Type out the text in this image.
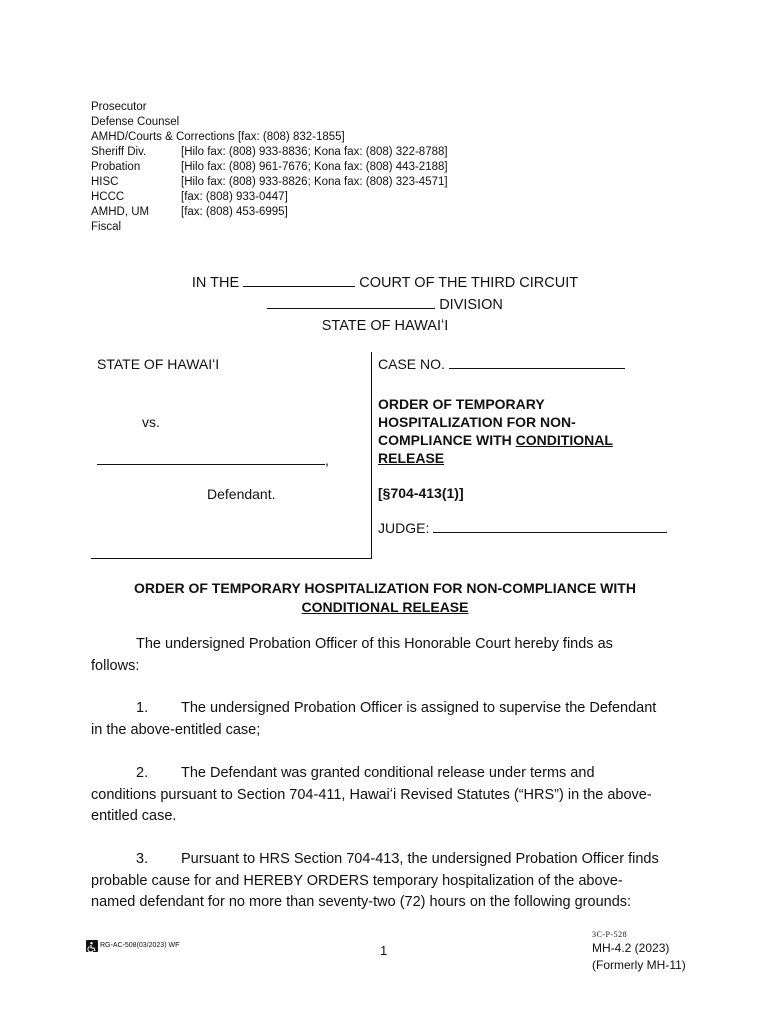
Prosecutor
Defense Counsel
AMHD/Courts & Corrections [fax: (808) 832-1855]
Sheriff Div.	[Hilo fax: (808) 933-8836; Kona fax: (808) 322-8788]
Probation	[Hilo fax: (808) 961-7676; Kona fax: (808) 443-2188]
HISC	[Hilo fax: (808) 933-8826; Kona fax: (808) 323-4571]
HCCC	[fax: (808) 933-0447]
AMHD, UM	[fax: (808) 453-6995]
Fiscal
IN THE	COURT OF THE THIRD CIRCUIT
DIVISION
STATE OF HAWAIʻI
STATE OF HAWAIʻI
vs.
,
Defendant.
CASE NO.
ORDER OF TEMPORARY
HOSPITALIZATION FOR NON-
COMPLIANCE WITH CONDITIONAL
RELEASE
[§704-413(1)]
JUDGE:
ORDER OF TEMPORARY HOSPITALIZATION FOR NON-COMPLIANCE WITH
CONDITIONAL RELEASE
The undersigned Probation Officer of this Honorable Court hereby finds as
follows:
1. The undersigned Probation Officer is assigned to supervise the Defendant
in the above-entitled case;
2. The Defendant was granted conditional release under terms and
conditions pursuant to Section 704-411, Hawaiʻi Revised Statutes (“HRS”) in the above-
entitled case.
3. Pursuant to HRS Section 704-413, the undersigned Probation Officer finds
probable cause for and HEREBY ORDERS temporary hospitalization of the above-
named defendant for no more than seventy-two (72) hours on the following grounds:
RG-AC-508(03/2023) WF	1
3C-P-528
MH-4.2 (2023)
(Formerly MH-11)
